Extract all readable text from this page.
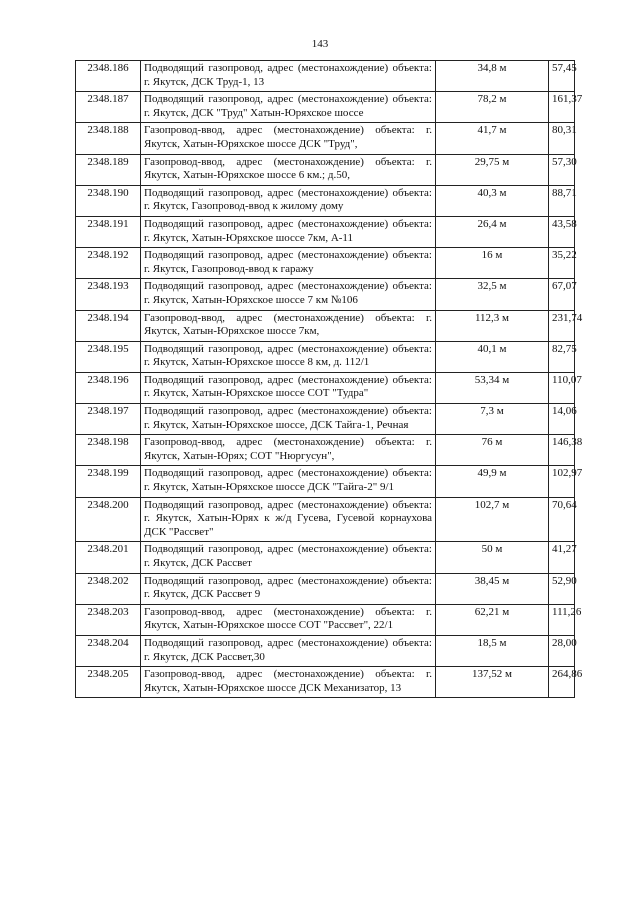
143
2348.186	Подводящий газопровод, адрес (местонахождение) объекта: г. Якутск, ДСК Труд-1, 13	34,8 м	57,45
2348.187	Подводящий газопровод, адрес (местонахождение) объекта: г. Якутск, ДСК "Труд" Хатын-Юряхское шоссе	78,2 м	161,37
2348.188	Газопровод-ввод, адрес (местонахождение) объекта: г. Якутск, Хатын-Юряхское шоссе ДСК "Труд",	41,7 м	80,31
2348.189	Газопровод-ввод, адрес (местонахождение) объекта: г. Якутск, Хатын-Юряхское шоссе 6 км.; д.50,	29,75 м	57,30
2348.190	Подводящий газопровод, адрес (местонахождение) объекта: г. Якутск, Газопровод-ввод к жилому дому	40,3 м	88,71
2348.191	Подводящий газопровод, адрес (местонахождение) объекта: г. Якутск, Хатын-Юряхское шоссе 7км, А-11	26,4 м	43,58
2348.192	Подводящий газопровод, адрес (местонахождение) объекта: г. Якутск, Газопровод-ввод к гаражу	16 м	35,22
2348.193	Подводящий газопровод, адрес (местонахождение) объекта: г. Якутск, Хатын-Юряхское шоссе 7 км №106	32,5 м	67,07
2348.194	Газопровод-ввод, адрес (местонахождение) объекта: г. Якутск, Хатын-Юряхское шоссе 7км,	112,3 м	231,74
2348.195	Подводящий газопровод, адрес (местонахождение) объекта: г. Якутск, Хатын-Юряхское шоссе 8 км, д. 112/1	40,1 м	82,75
2348.196	Подводящий газопровод, адрес (местонахождение) объекта: г. Якутск, Хатын-Юряхское шоссе СОТ "Тудра"	53,34 м	110,07
2348.197	Подводящий газопровод, адрес (местонахождение) объекта: г. Якутск, Хатын-Юряхское шоссе, ДСК Тайга-1, Речная	7,3 м	14,06
2348.198	Газопровод-ввод, адрес (местонахождение) объекта: г. Якутск, Хатын-Юрях; СОТ "Нюргусун",	76 м	146,38
2348.199	Подводящий газопровод, адрес (местонахождение) объекта: г. Якутск, Хатын-Юряхское шоссе ДСК "Тайга-2" 9/1	49,9 м	102,97
2348.200	Подводящий газопровод, адрес (местонахождение) объекта: г. Якутск, Хатын-Юрях к ж/д Гусева, Гусевой корнаухова ДСК "Рассвет"	102,7 м	70,64
2348.201	Подводящий газопровод, адрес (местонахождение) объекта: г. Якутск, ДСК Рассвет	50 м	41,27
2348.202	Подводящий газопровод, адрес (местонахождение) объекта: г. Якутск, ДСК Рассвет 9	38,45 м	52,90
2348.203	Газопровод-ввод, адрес (местонахождение) объекта: г. Якутск, Хатын-Юряхское шоссе СОТ "Рассвет", 22/1	62,21 м	111,26
2348.204	Подводящий газопровод, адрес (местонахождение) объекта: г. Якутск, ДСК Рассвет,30	18,5 м	28,00
2348.205	Газопровод-ввод, адрес (местонахождение) объекта: г. Якутск, Хатын-Юряхское шоссе ДСК Механизатор, 13	137,52 м	264,86
